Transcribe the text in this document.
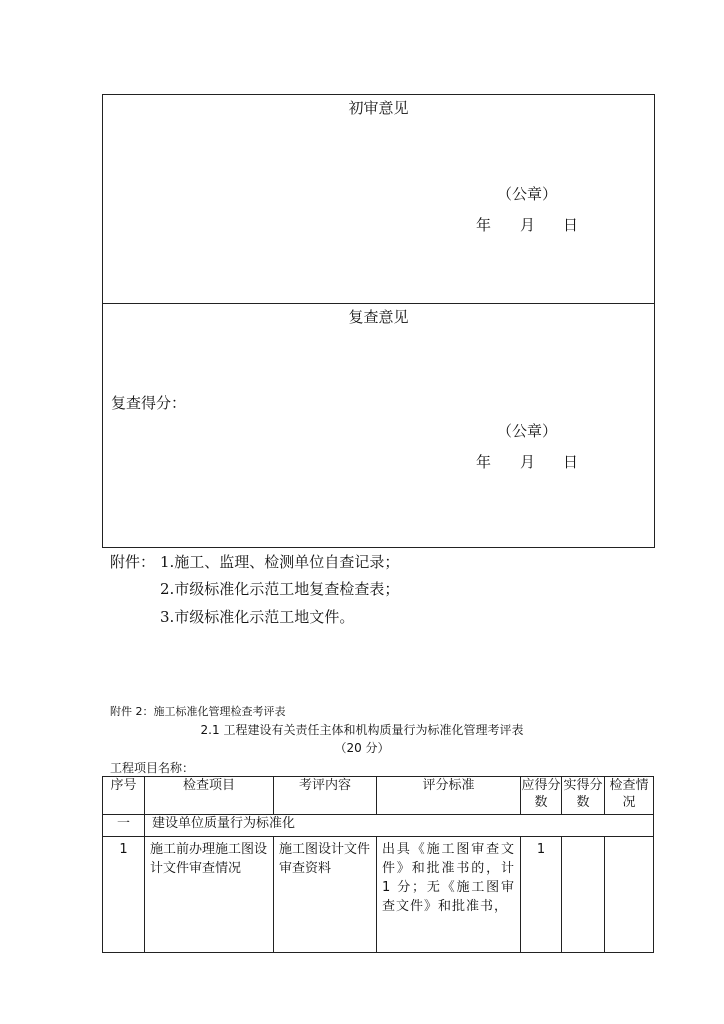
初审意见
（公章）
年 月 日
复查意见
复查得分：
（公章）
年 月 日
附件： 1.施工、监理、检测单位自查记录；
2.市级标准化示范工地复查检查表；
3.市级标准化示范工地文件。
附件 2：施工标准化管理检查考评表
2.1 工程建设有关责任主体和机构质量行为标准化管理考评表
（20 分）
工程项目名称：
序号	检查项目	考评内容	评分标准	应得分数	实得分数	检查情况
一	建设单位质量行为标准化					
1	施工前办理施工图设计文件审查情况	施工图设计文件审查资料	出具《施工图审查文件》和批准书的，计 1 分；无《施工图审查文件》和批准书，	1		
